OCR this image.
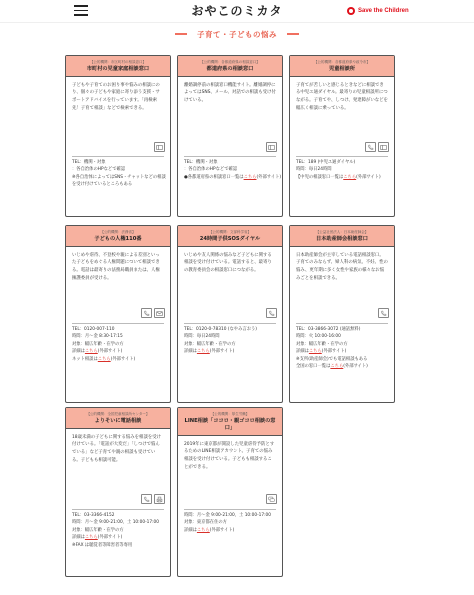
おやこのミカタ	Save the Children
子育て・子どもの悩み
【公的機関：市区町村の相談窓口】
市町村の児童家庭相談窓口
子どもや子育てのお困り事や悩みの相談にのり、個々の子どもや家庭に寄り添う支援・サポートアドバイスを行っています。「再検索先！子育て相談」などで検索できる。
TEL：機関・対象
：各自治体のHPなどで確認
※各自治体によってはSNS・チャットなどの相談を受け付けているところもある
【公的機関：各都道府県の相談窓口】
都道府県の相談窓口
離婚調停前の相談窓口機能サイト。離婚調停によってはSNS、メール、対話での相談も受け付けている。
TEL：機関・対象
：各自治体のHPなどで確認
●各都道府県の相談窓口一覧はこちら(外部サイト)
【公的機関：各都道府県や政令市】
児童相談所
子育てが苦しいと感じるときなどに相談できる中児ユ通ダイヤル。最寄りの児童相談所につながる。子育てや、しつけ、発達障がいなどを幅広く相談に乗っている。
TEL：189 (中児ユ通ダイヤル)
時間：毎日24時間
【中児の相談窓口一覧はこちら(外部サイト)
【公的機関：法務省】
子どもの人権110番
いじめや虐待、不登校や親による差別といった子どもをめぐる人権問題について相談できる。電話は最寄りの法務局職員または、人権擁護委員が受ける。
TEL：0120-007-110
時間：月〜金 8:30-17:15
対象：幅広年齢・在学の方
詳細はこちら(外部サイト)
ネット相談はこちら(外部サイト)
【公的機関：文部科学省】
24時間子供SOSダイヤル
いじめや友人関係の悩みなど子どもに関する相談を受け付けている。電話すると、最寄りの教育委員会の相談窓口につながる。
TEL：0120-0-78310 (なやみ言おう)
時間：毎日24時間
対象：幅広年齢・在学の方
詳細はこちら(外部サイト)
【公益社団法人：日本助産師会】
日本助産師会相談窓口
日本助産師会が主宰している電話相談窓口。子育てのみならず、婦人科の病気、不妊、性の悩み、更年期に多く女性や家族の様々なお悩みごとを相談できる。
TEL：03-3866-3072 (通話無料)
時間：火 10:00-16:00
対象：幅広年齢・在学の方
詳細はこちら(外部サイト)
※支所(助産師会)でも電話相談もある
全国の窓口一覧はこちら(外部サイト)
【公的機関：全国児童相談所センター】
よりそいに電話相談
18歳未満の子どもに関する悩みを相談を受け付けている。「電話が大変だ」「しつけで悩んでいる」など子育てや親の相談も受けている。子どもも相談可能。
TEL：03-3366-4152
時間：月〜金 9:00-21:00、土 10:00-17:00
対象：幅広年齢・在学の方
詳細はこちら(外部サイト)
※FAX は聴覚者等障害者等専用
【公的機関：厚生労働】
LINE相談「ココロ・親ゴコロ相談の窓口」
2019年に東京都が開設した児童虐待予防とするためのLINE相談アカウント。子育ての悩み相談を受け付けている。子どもも相談することができる。
時間：月〜金 9:00-21:00、土 10:00-17:00
対象：東京都在住の方
詳細はこちら(外部サイト)
